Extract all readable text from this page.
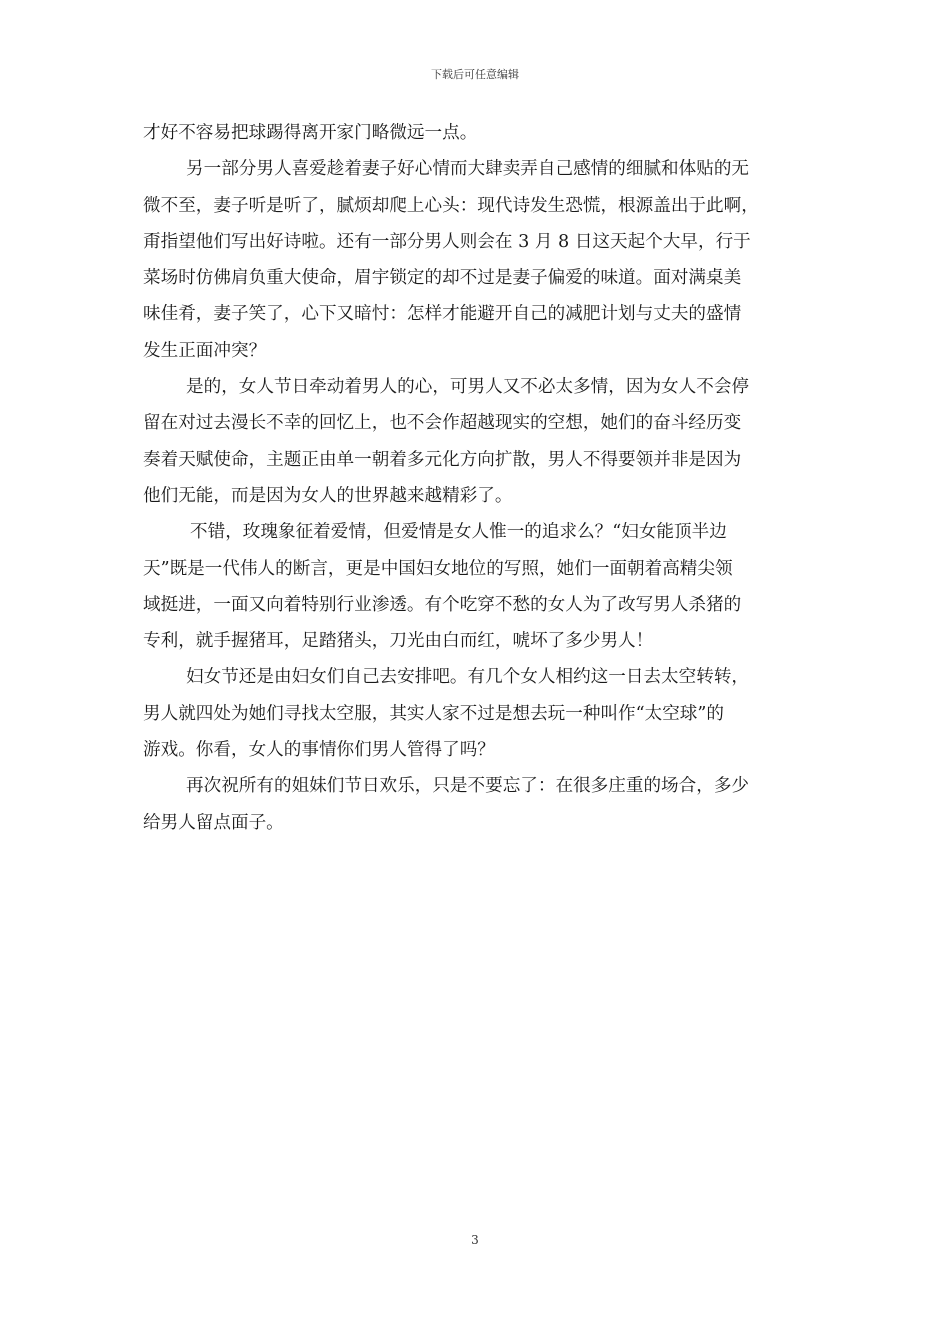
下载后可任意编辑
才好不容易把球踢得离开家门略微远一点。
另一部分男人喜爱趁着妻子好心情而大肆卖弄自己感情的细腻和体贴的无
微不至，妻子听是听了，腻烦却爬上心头：现代诗发生恐慌，根源盖出于此啊，
甭指望他们写出好诗啦。还有一部分男人则会在 3 月 8 日这天起个大早，行于
菜场时仿佛肩负重大使命，眉宇锁定的却不过是妻子偏爱的味道。面对满桌美
味佳肴，妻子笑了，心下又暗忖：怎样才能避开自己的减肥计划与丈夫的盛情
发生正面冲突？
是的，女人节日牵动着男人的心，可男人又不必太多情，因为女人不会停
留在对过去漫长不幸的回忆上，也不会作超越现实的空想，她们的奋斗经历变
奏着天赋使命，主题正由单一朝着多元化方向扩散，男人不得要领并非是因为
他们无能，而是因为女人的世界越来越精彩了。
不错，玫瑰象征着爱情，但爱情是女人惟一的追求么？“妇女能顶半边
天”既是一代伟人的断言，更是中国妇女地位的写照，她们一面朝着高精尖领
域挺进，一面又向着特别行业渗透。有个吃穿不愁的女人为了改写男人杀猪的
专利，就手握猪耳，足踏猪头，刀光由白而红，唬坏了多少男人！
妇女节还是由妇女们自己去安排吧。有几个女人相约这一日去太空转转，
男人就四处为她们寻找太空服，其实人家不过是想去玩一种叫作“太空球”的
游戏。你看，女人的事情你们男人管得了吗？
再次祝所有的姐妹们节日欢乐，只是不要忘了：在很多庄重的场合，多少
给男人留点面子。
3
